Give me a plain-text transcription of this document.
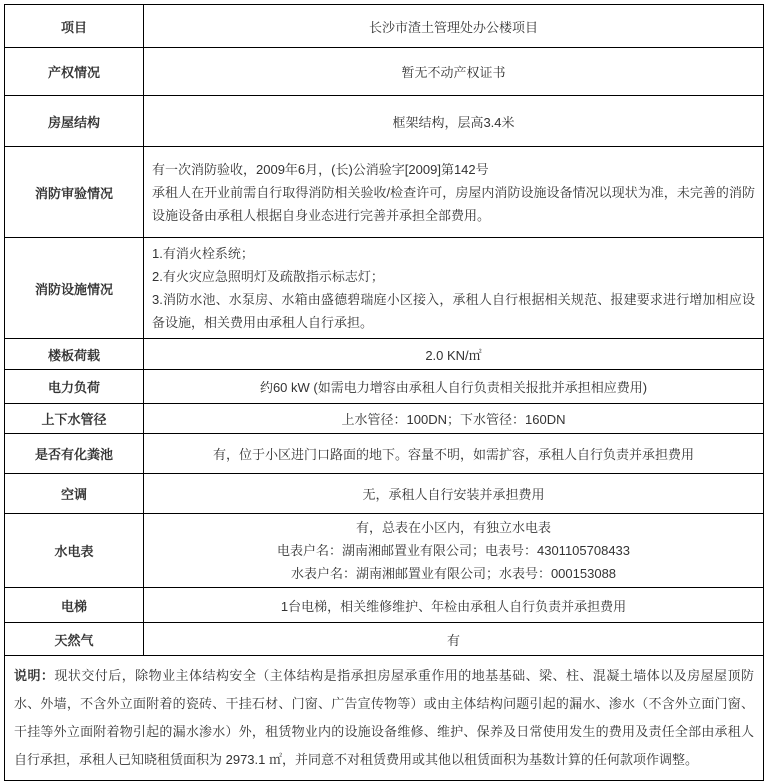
项目	长沙市渣土管理处办公楼项目
产权情况	暂无不动产权证书
房屋结构	框架结构，层高3.4米
消防审验情况	有一次消防验收，2009年6月，(长)公消验字[2009]第142号
承租人在开业前需自行取得消防相关验收/检查许可，房屋内消防设施设备情况以现状为准，未完善的消防设施设备由承租人根据自身业态进行完善并承担全部费用。

消防设施情况	1.有消火栓系统；
2.有火灾应急照明灯及疏散指示标志灯；
3.消防水池、水泵房、水箱由盛德碧瑞庭小区接入，承租人自行根据相关规范、报建要求进行增加相应设备设施，相关费用由承租人自行承担。

楼板荷载	2.0 KN/㎡
电力负荷	约60 kW (如需电力增容由承租人自行负责相关报批并承担相应费用)
上下水管径	上水管径：100DN；下水管径：160DN
是否有化粪池	有，位于小区进门口路面的地下。容量不明，如需扩容，承租人自行负责并承担费用
空调	无，承租人自行安装并承担费用
水电表	有，总表在小区内，有独立水电表
电表户名：湖南湘邮置业有限公司；电表号：4301105708433
水表户名：湖南湘邮置业有限公司；水表号：000153088

电梯	1台电梯，相关维修维护、年检由承租人自行负责并承担费用
天然气	有
说明：现状交付后，除物业主体结构安全（主体结构是指承担房屋承重作用的地基基础、梁、柱、混凝土墙体以及房屋屋顶防水、外墙，不含外立面附着的瓷砖、干挂石材、门窗、广告宣传物等）或由主体结构问题引起的漏水、渗水（不含外立面门窗、干挂等外立面附着物引起的漏水渗水）外，租赁物业内的设施设备维修、维护、保养及日常使用发生的费用及责任全部由承租人自行承担，承租人已知晓租赁面积为 2973.1 ㎡，并同意不对租赁费用或其他以租赁面积为基数计算的任何款项作调整。	
